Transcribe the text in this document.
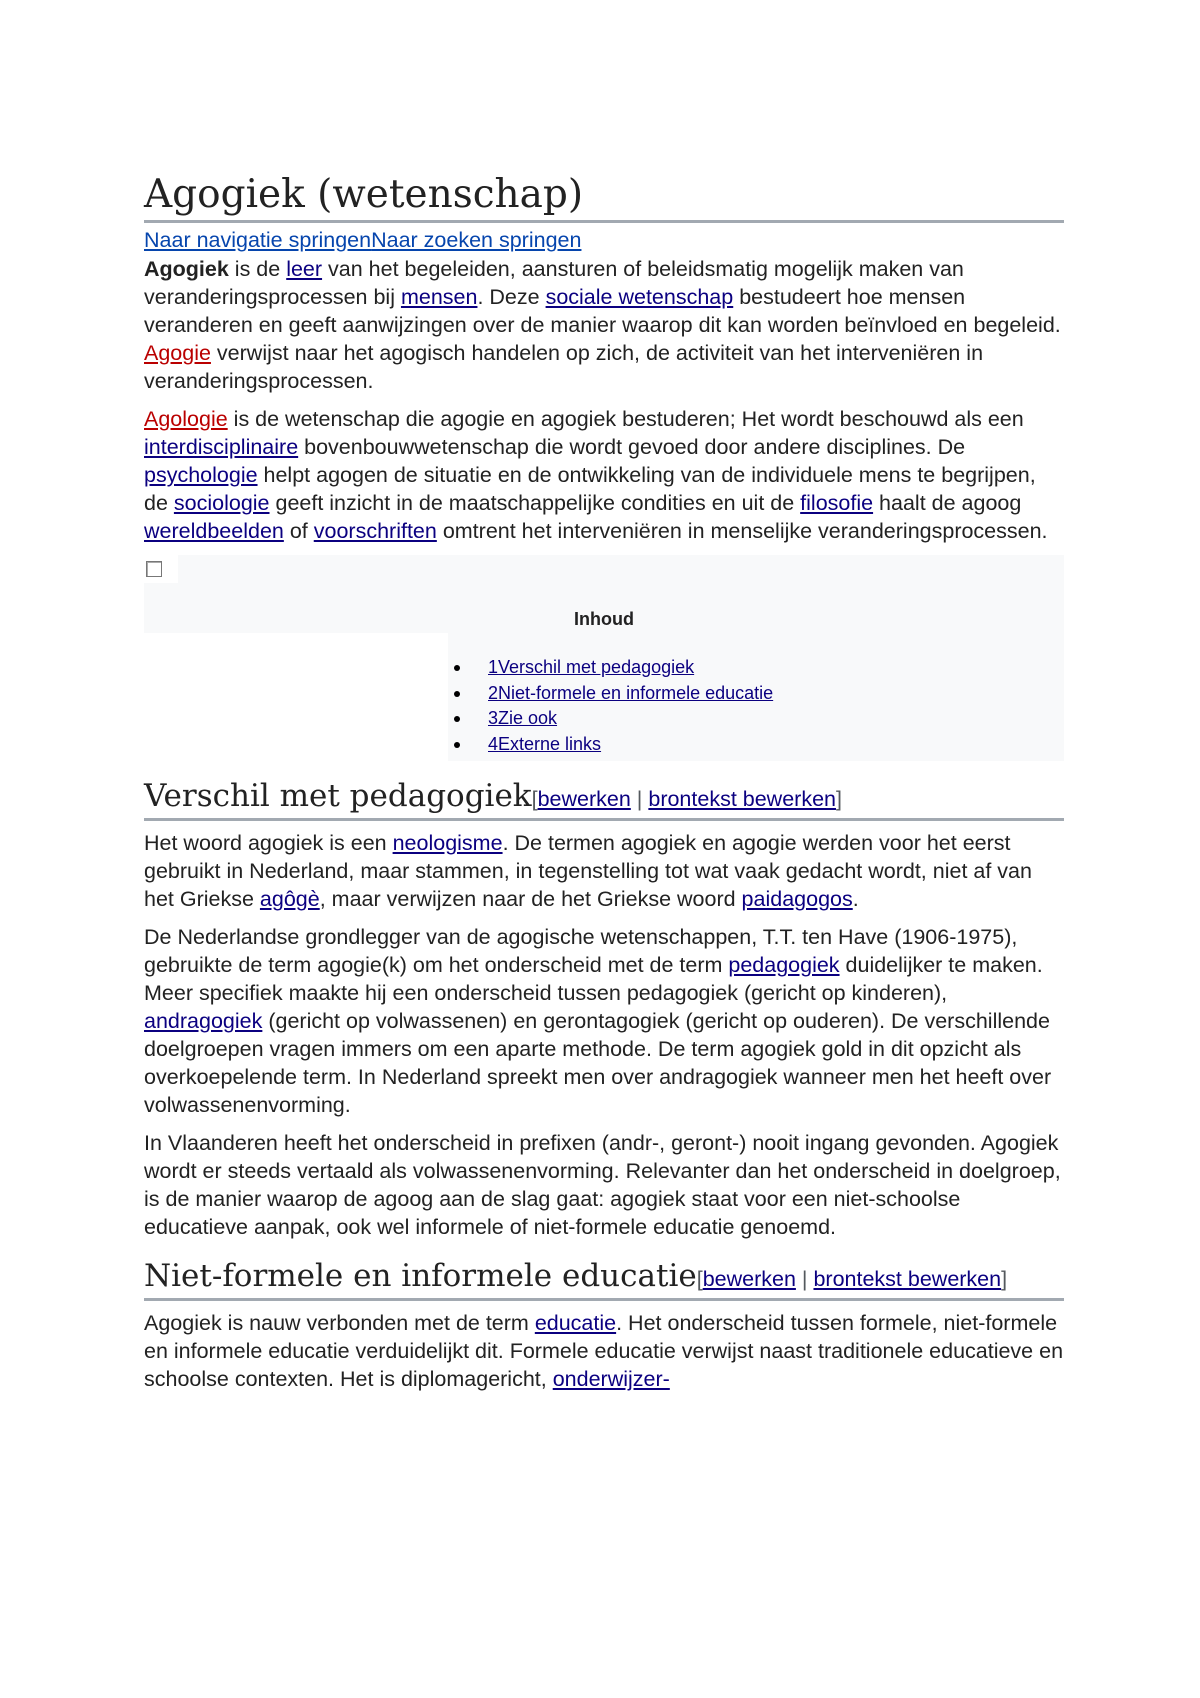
Agogiek (wetenschap)
Naar navigatie springenNaar zoeken springen

Agogiek is de leer van het begeleiden, aansturen of beleidsmatig mogelijk maken van veranderingsprocessen bij mensen. Deze sociale wetenschap bestudeert hoe mensen veranderen en geeft aanwijzingen over de manier waarop dit kan worden beïnvloed en begeleid. Agogie verwijst naar het agogisch handelen op zich, de activiteit van het interveniëren in veranderingsprocessen.

Agologie is de wetenschap die agogie en agogiek bestuderen; Het wordt beschouwd als een interdisciplinaire bovenbouwwetenschap die wordt gevoed door andere disciplines. De psychologie helpt agogen de situatie en de ontwikkeling van de individuele mens te begrijpen, de sociologie geeft inzicht in de maatschappelijke condities en uit de filosofie haalt de agoog wereldbeelden of voorschriften omtrent het interveniëren in menselijke veranderingsprocessen.

Inhoud
1Verschil met pedagogiek
2Niet-formele en informele educatie
3Zie ook
4Externe links
Verschil met pedagogiek[bewerken | brontekst bewerken]

Het woord agogiek is een neologisme. De termen agogiek en agogie werden voor het eerst gebruikt in Nederland, maar stammen, in tegenstelling tot wat vaak gedacht wordt, niet af van het Griekse agôgè, maar verwijzen naar de het Griekse woord paidagogos.

De Nederlandse grondlegger van de agogische wetenschappen, T.T. ten Have (1906-1975), gebruikte de term agogie(k) om het onderscheid met de term pedagogiek duidelijker te maken. Meer specifiek maakte hij een onderscheid tussen pedagogiek (gericht op kinderen), andragogiek (gericht op volwassenen) en gerontagogiek (gericht op ouderen). De verschillende doelgroepen vragen immers om een aparte methode. De term agogiek gold in dit opzicht als overkoepelende term. In Nederland spreekt men over andragogiek wanneer men het heeft over volwassenenvorming.

In Vlaanderen heeft het onderscheid in prefixen (andr-, geront-) nooit ingang gevonden. Agogiek wordt er steeds vertaald als volwassenenvorming. Relevanter dan het onderscheid in doelgroep, is de manier waarop de agoog aan de slag gaat: agogiek staat voor een niet-schoolse educatieve aanpak, ook wel informele of niet-formele educatie genoemd.

Niet-formele en informele educatie[bewerken | brontekst bewerken]

Agogiek is nauw verbonden met de term educatie. Het onderscheid tussen formele, niet-formele en informele educatie verduidelijkt dit. Formele educatie verwijst naast traditionele educatieve en schoolse contexten. Het is diplomagericht, onderwijzer-
